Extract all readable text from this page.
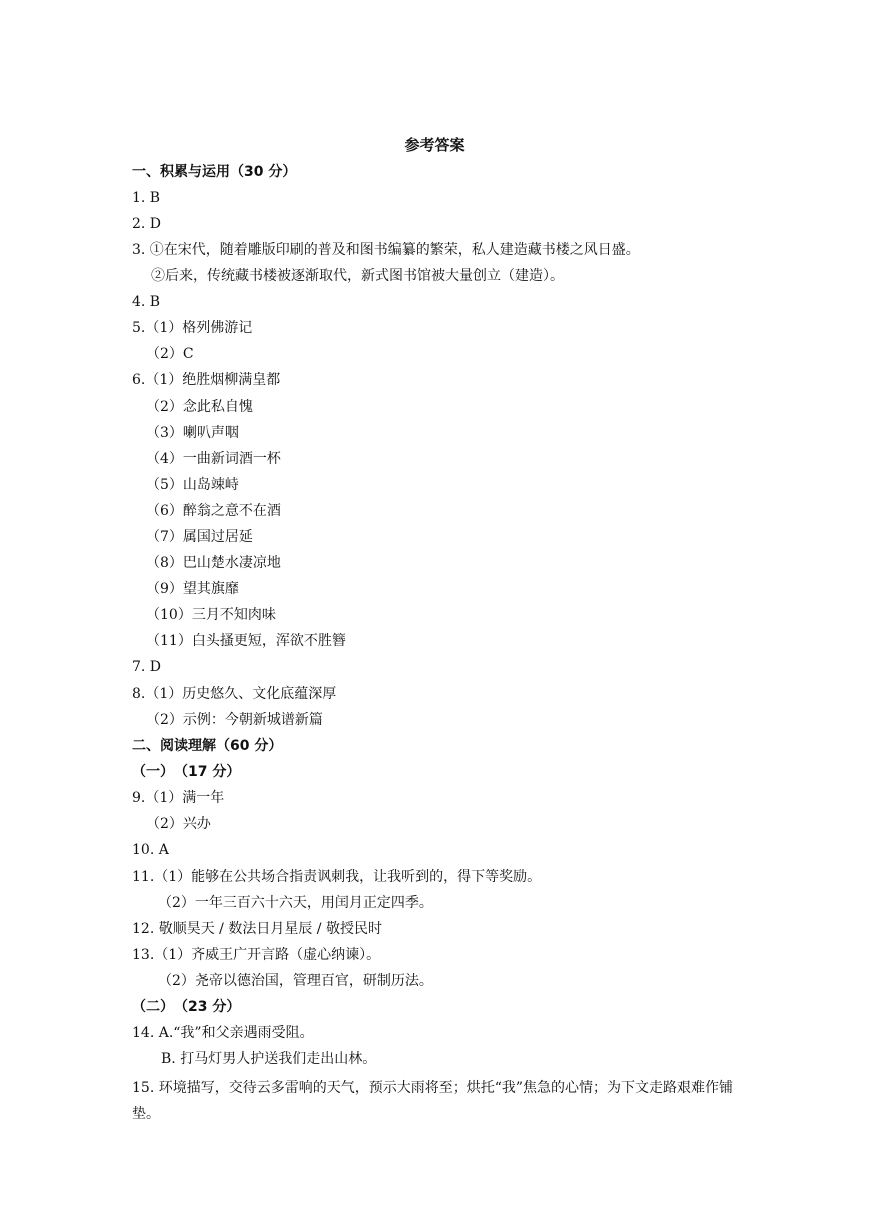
参考答案
一、积累与运用（30 分）
1. B
2. D
3. ①在宋代，随着雕版印刷的普及和图书编纂的繁荣，私人建造藏书楼之风日盛。
②后来，传统藏书楼被逐渐取代，新式图书馆被大量创立（建造）。
4. B
5.（1）格列佛游记
（2）C
6.（1）绝胜烟柳满皇都
（2）念此私自愧
（3）喇叭声咽
（4）一曲新词酒一杯
（5）山岛竦峙
（6）醉翁之意不在酒
（7）属国过居延
（8）巴山楚水凄凉地
（9）望其旗靡
（10）三月不知肉味
（11）白头搔更短，浑欲不胜簪
7. D
8.（1）历史悠久、文化底蕴深厚
（2）示例：今朝新城谱新篇
二、阅读理解（60 分）
（一）　（17 分）
9.（1）满一年
（2）兴办
10. A
11.（1）能够在公共场合指责讽刺我，让我听到的，得下等奖励。
（2）一年三百六十六天，用闰月正定四季。
12. 敬顺昊天 / 数法日月星辰 / 敬授民时
13.（1）齐威王广开言路（虚心纳谏）。
（2）尧帝以德治国，管理百官，研制历法。
（二）　（23 分）
14. A.“我”和父亲遇雨受阻。
B. 打马灯男人护送我们走出山林。
15. 环境描写，交待云多雷响的天气，预示大雨将至；烘托“我”焦急的心情；为下文走路艰难作铺垫。
